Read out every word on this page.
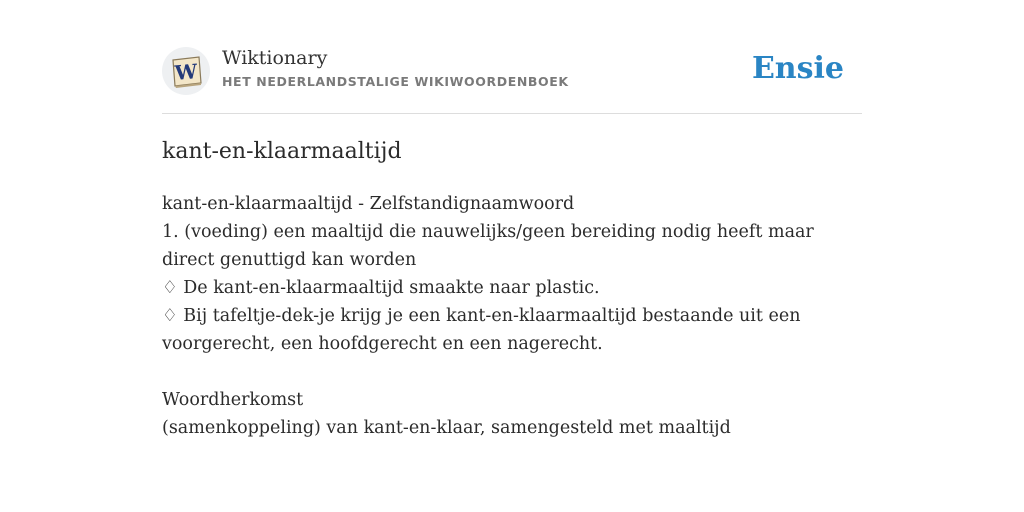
W
Wiktionary
HET NEDERLANDSTALIGE WIKIWOORDENBOEK	Ensie
kant-en-klaarmaaltijd

kant-en-klaarmaaltijd - Zelfstandignaamwoord

1. (voeding) een maaltijd die nauwelijks/geen bereiding nodig heeft maar direct genuttigd kan worden

♢ De kant-en-klaarmaaltijd smaakte naar plastic.

♢ Bij tafeltje-dek-je krijg je een kant-en-klaarmaaltijd bestaande uit een voorgerecht, een hoofdgerecht en een nagerecht.

Woordherkomst

(samenkoppeling) van kant-en-klaar, samengesteld met maaltijd
